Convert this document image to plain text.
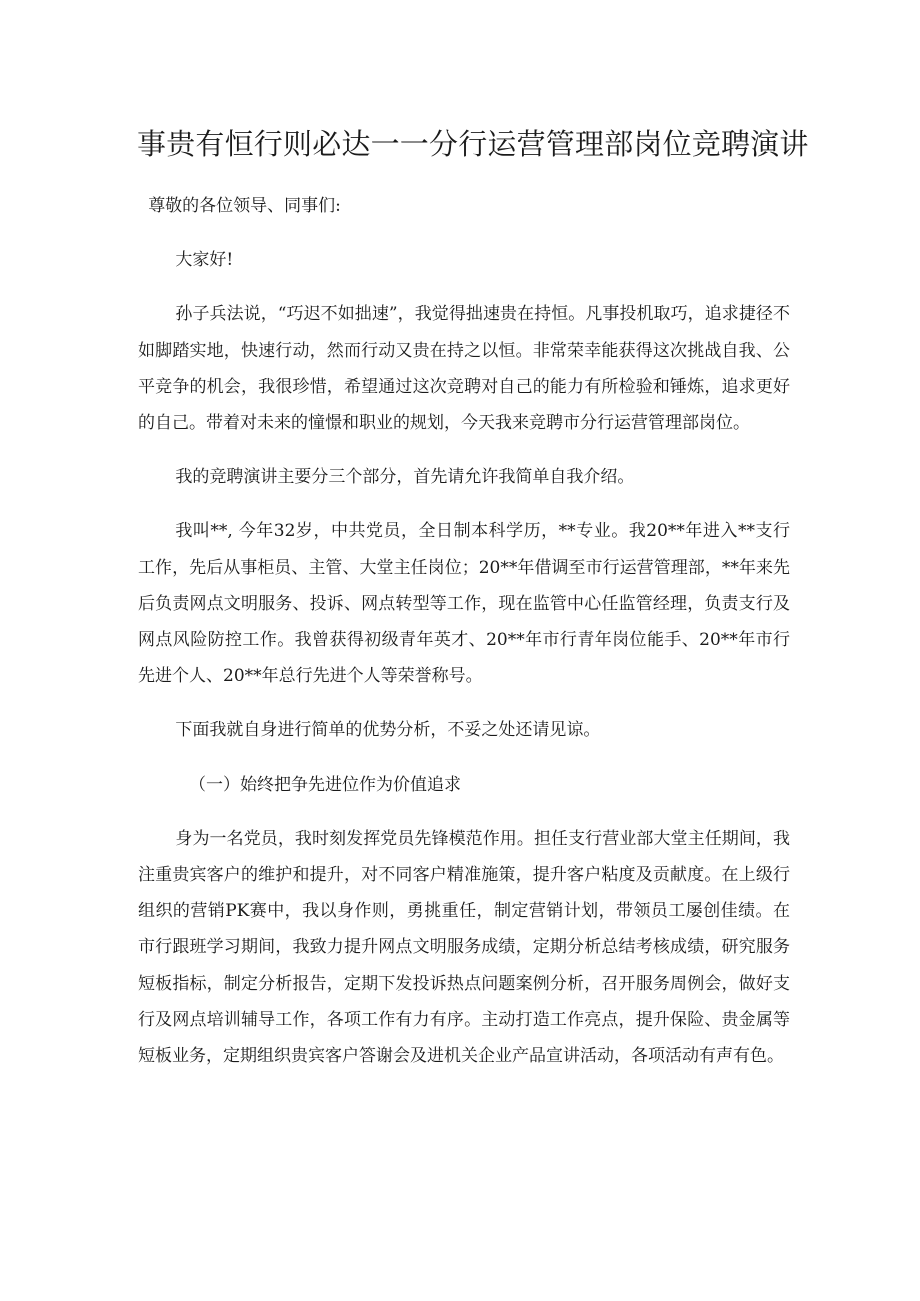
事贵有恒行则必达一一分行运营管理部岗位竞聘演讲

尊敬的各位领导、同事们:

大家好!

孙子兵法说，“巧迟不如拙速”，我觉得拙速贵在持恒。凡事投机取巧，追求捷径不如脚踏实地，快速行动，然而行动又贵在持之以恒。非常荣幸能获得这次挑战自我、公平竞争的机会，我很珍惜，希望通过这次竞聘对自己的能力有所检验和锤炼，追求更好的自己。带着对未来的憧憬和职业的规划，今天我来竞聘市分行运营管理部岗位。

我的竞聘演讲主要分三个部分，首先请允许我简单自我介绍。

我叫**, 今年32岁，中共党员，全日制本科学历，**专业。我20**年进入**支行工作，先后从事柜员、主管、大堂主任岗位；20**年借调至市行运营管理部，**年来先后负责网点文明服务、投诉、网点转型等工作，现在监管中心任监管经理，负责支行及网点风险防控工作。我曾获得初级青年英才、20**年市行青年岗位能手、20**年市行先进个人、20**年总行先进个人等荣誉称号。

下面我就自身进行简单的优势分析，不妥之处还请见谅。

（一）始终把争先进位作为价值追求

身为一名党员，我时刻发挥党员先锋模范作用。担任支行营业部大堂主任期间，我注重贵宾客户的维护和提升，对不同客户精准施策，提升客户粘度及贡献度。在上级行组织的营销PK赛中，我以身作则，勇挑重任，制定营销计划，带领员工屡创佳绩。在市行跟班学习期间，我致力提升网点文明服务成绩，定期分析总结考核成绩，研究服务短板指标，制定分析报告，定期下发投诉热点问题案例分析，召开服务周例会，做好支行及网点培训辅导工作，各项工作有力有序。主动打造工作亮点，提升保险、贵金属等短板业务，定期组织贵宾客户答谢会及进机关企业产品宣讲活动，各项活动有声有色。
